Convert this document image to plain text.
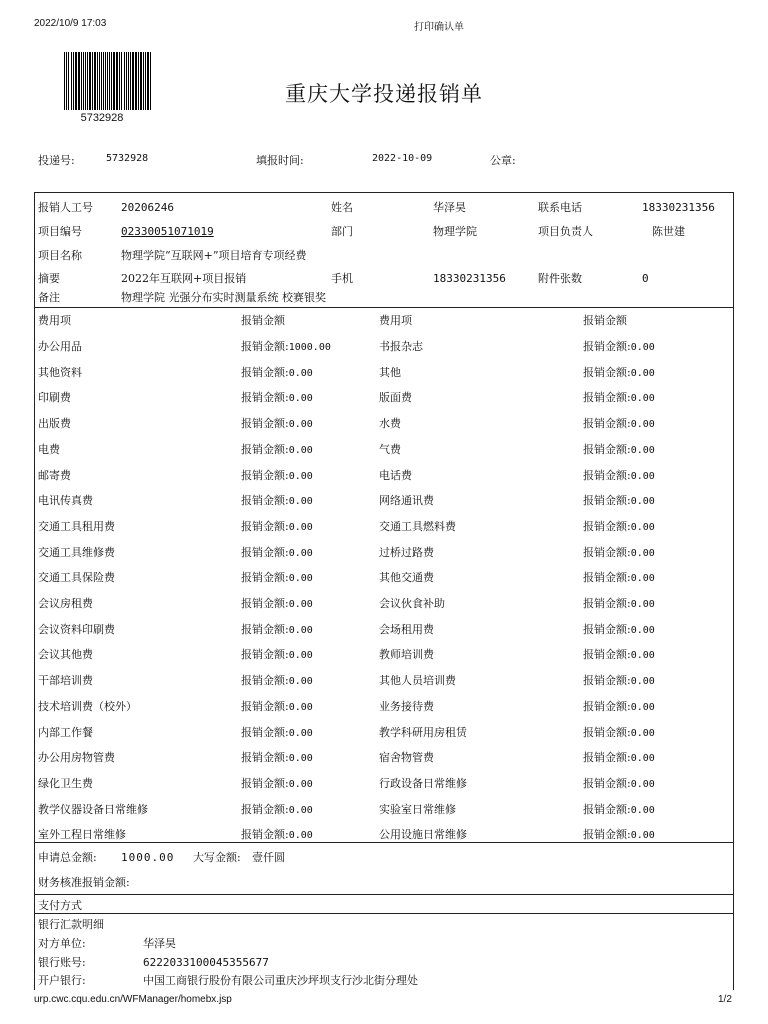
2022/10/9 17:03	打印确认单
5732928
重庆大学投递报销单
投递号:	5732928	填报时间:	2022-10-09	公章:
报销人工号	20206246	姓名	华泽昊	联系电话	18330231356
项目编号	02330051071019	部门	物理学院	项目负责人	陈世建
项目名称	物理学院“互联网+”项目培育专项经费
摘要	2022年互联网+项目报销	手机	18330231356	附件张数	0
备注	物理学院 光强分布实时测量系统 校赛银奖
费用项	报销金额	费用项	报销金额
办公用品	报销金额:1000.00	书报杂志	报销金额:0.00
其他资料	报销金额:0.00	其他	报销金额:0.00
印刷费	报销金额:0.00	版面费	报销金额:0.00
出版费	报销金额:0.00	水费	报销金额:0.00
电费	报销金额:0.00	气费	报销金额:0.00
邮寄费	报销金额:0.00	电话费	报销金额:0.00
电讯传真费	报销金额:0.00	网络通讯费	报销金额:0.00
交通工具租用费	报销金额:0.00	交通工具燃料费	报销金额:0.00
交通工具维修费	报销金额:0.00	过桥过路费	报销金额:0.00
交通工具保险费	报销金额:0.00	其他交通费	报销金额:0.00
会议房租费	报销金额:0.00	会议伙食补助	报销金额:0.00
会议资料印刷费	报销金额:0.00	会场租用费	报销金额:0.00
会议其他费	报销金额:0.00	教师培训费	报销金额:0.00
干部培训费	报销金额:0.00	其他人员培训费	报销金额:0.00
技术培训费（校外）	报销金额:0.00	业务接待费	报销金额:0.00
内部工作餐	报销金额:0.00	教学科研用房租赁	报销金额:0.00
办公用房物管费	报销金额:0.00	宿舍物管费	报销金额:0.00
绿化卫生费	报销金额:0.00	行政设备日常维修	报销金额:0.00
教学仪器设备日常维修	报销金额:0.00	实验室日常维修	报销金额:0.00
室外工程日常维修	报销金额:0.00	公用设施日常维修	报销金额:0.00
申请总金额: 1000.00 大写金额: 壹仟圆
财务核准报销金额:
支付方式
银行汇款明细
对方单位:	华泽昊
银行账号:	6222033100045355677
开户银行:	中国工商银行股份有限公司重庆沙坪坝支行沙北街分理处
urp.cwc.cqu.edu.cn/WFManager/homebx.jsp	1/2
